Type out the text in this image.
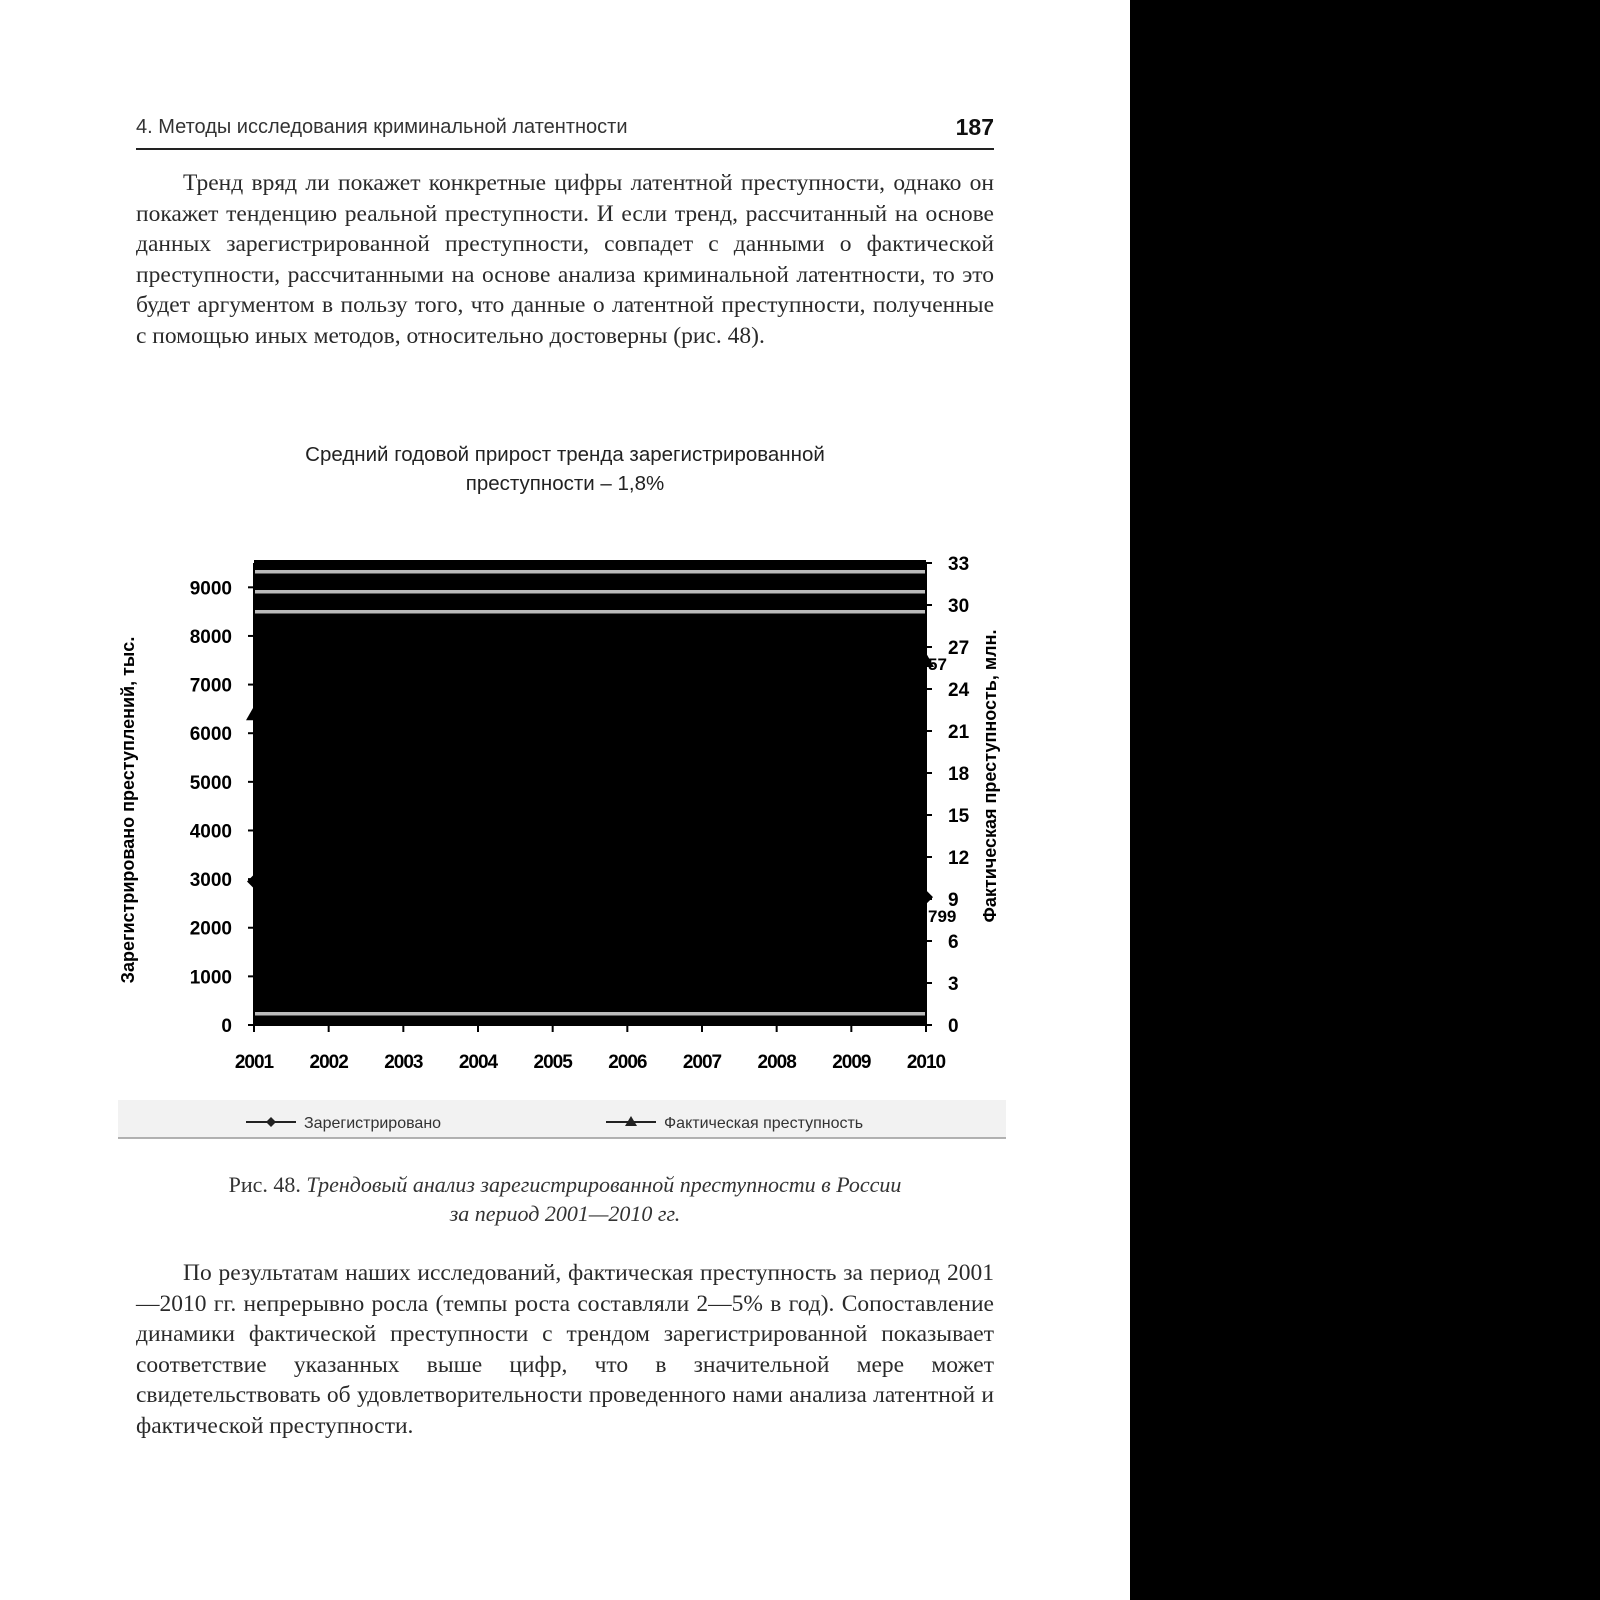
4. Методы исследования криминальной латентности	187

Тренд вряд ли покажет конкретные цифры латентной преступности, однако он покажет тенденцию реальной преступности. И если тренд, рассчитанный на основе данных зарегистрированной преступности, совпадет с данными о фактической преступности, рассчитанными на основе анализа криминальной латентности, то это будет аргументом в пользу того, что данные о латентной преступности, полученные с помощью иных методов, относительно достоверны (рис. 48).

Средний годовой прирост тренда зарегистрированной
преступности – 1,8%
0
1000
2000
3000
4000
5000
6000
7000
8000
9000
0
3
6
9
12
15
18
21
24
27
30
33
2001 2002 2003 2004 2005 2006 2007 2008 2009 2010
Зарегистрировано преступлений, тыс.	Фактическая преступность, млн.
799
57
Зарегистрировано	Фактическая преступность
Рис. 48. Трендовый анализ зарегистрированной преступности в России
за период 2001—2010 гг.

По результатам наших исследований, фактическая преступность за период 2001—2010 гг. непрерывно росла (темпы роста составляли 2—5% в год). Сопоставление динамики фактической преступности с трендом зарегистрированной показывает соответствие указанных выше цифр, что в значительной мере может свидетельствовать об удовлетворительности проведенного нами анализа латентной и фактической преступности.
